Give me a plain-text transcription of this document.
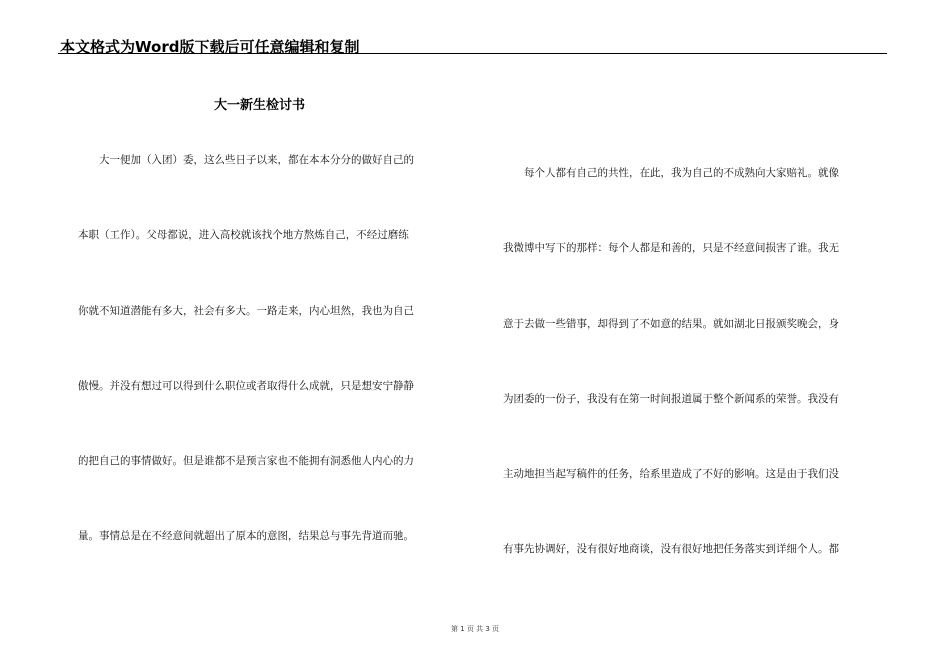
本文格式为Word版下载后可任意编辑和复制
大一新生检讨书
大一便加（入团）委，这么些日子以来，都在本本分分的做好自己的
本职（工作）。父母都说，进入高校就该找个地方熬炼自己，不经过磨练
你就不知道潜能有多大，社会有多大。一路走来，内心坦然，我也为自己
傲慢。并没有想过可以得到什么职位或者取得什么成就，只是想安宁静静
的把自己的事情做好。但是谁都不是预言家也不能拥有洞悉他人内心的力
量。事情总是在不经意间就超出了原本的意图，结果总与事先背道而驰。
每个人都有自己的共性，在此，我为自己的不成熟向大家赔礼。就像
我微博中写下的那样：每个人都是和善的，只是不经意间损害了谁。我无
意于去做一些错事，却得到了不如意的结果。就如湖北日报颁奖晚会，身
为团委的一份子，我没有在第一时间报道属于整个新闻系的荣誉。我没有
主动地担当起写稿件的任务，给系里造成了不好的影响。这是由于我们没
有事先协调好，没有很好地商谈，没有很好地把任务落实到详细个人。都
第 1 页 共 3 页
